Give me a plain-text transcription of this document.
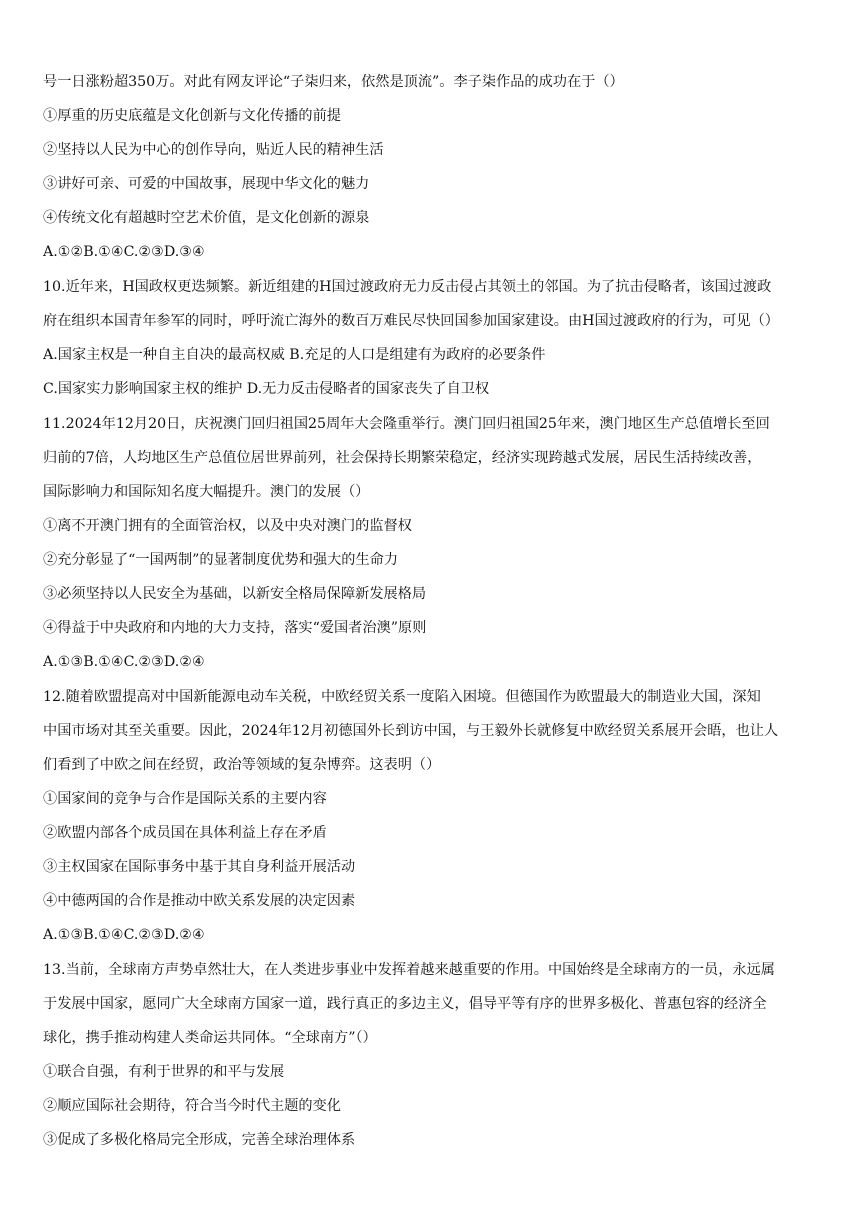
号一日涨粉超350万。对此有网友评论“子柒归来，依然是顶流”。李子柒作品的成功在于（）
①厚重的历史底蕴是文化创新与文化传播的前提
②坚持以人民为中心的创作导向，贴近人民的精神生活
③讲好可亲、可爱的中国故事，展现中华文化的魅力
④传统文化有超越时空艺术价值，是文化创新的源泉
A.①②B.①④C.②③D.③④
10.近年来，H国政权更迭频繁。新近组建的H国过渡政府无力反击侵占其领土的邻国。为了抗击侵略者，该国过渡政
府在组织本国青年参军的同时，呼吁流亡海外的数百万难民尽快回国参加国家建设。由H国过渡政府的行为，可见（）
A.国家主权是一种自主自决的最高权威 B.充足的人口是组建有为政府的必要条件
C.国家实力影响国家主权的维护 D.无力反击侵略者的国家丧失了自卫权
11.2024年12月20日，庆祝澳门回归祖国25周年大会隆重举行。澳门回归祖国25年来，澳门地区生产总值增长至回
归前的7倍，人均地区生产总值位居世界前列，社会保持长期繁荣稳定，经济实现跨越式发展，居民生活持续改善，
国际影响力和国际知名度大幅提升。澳门的发展（）
①离不开澳门拥有的全面管治权，以及中央对澳门的监督权
②充分彰显了“一国两制”的显著制度优势和强大的生命力
③必须坚持以人民安全为基础，以新安全格局保障新发展格局
④得益于中央政府和内地的大力支持，落实“爱国者治澳”原则
A.①③B.①④C.②③D.②④
12.随着欧盟提高对中国新能源电动车关税，中欧经贸关系一度陷入困境。但德国作为欧盟最大的制造业大国，深知
中国市场对其至关重要。因此，2024年12月初德国外长到访中国，与王毅外长就修复中欧经贸关系展开会晤，也让人
们看到了中欧之间在经贸，政治等领域的复杂博弈。这表明（）
①国家间的竞争与合作是国际关系的主要内容
②欧盟内部各个成员国在具体利益上存在矛盾
③主权国家在国际事务中基于其自身利益开展活动
④中德两国的合作是推动中欧关系发展的决定因素
A.①③B.①④C.②③D.②④
13.当前，全球南方声势卓然壮大，在人类进步事业中发挥着越来越重要的作用。中国始终是全球南方的一员，永远属
于发展中国家，愿同广大全球南方国家一道，践行真正的多边主义，倡导平等有序的世界多极化、普惠包容的经济全
球化，携手推动构建人类命运共同体。“全球南方”（）
①联合自强，有利于世界的和平与发展
②顺应国际社会期待，符合当今时代主题的变化
③促成了多极化格局完全形成，完善全球治理体系
